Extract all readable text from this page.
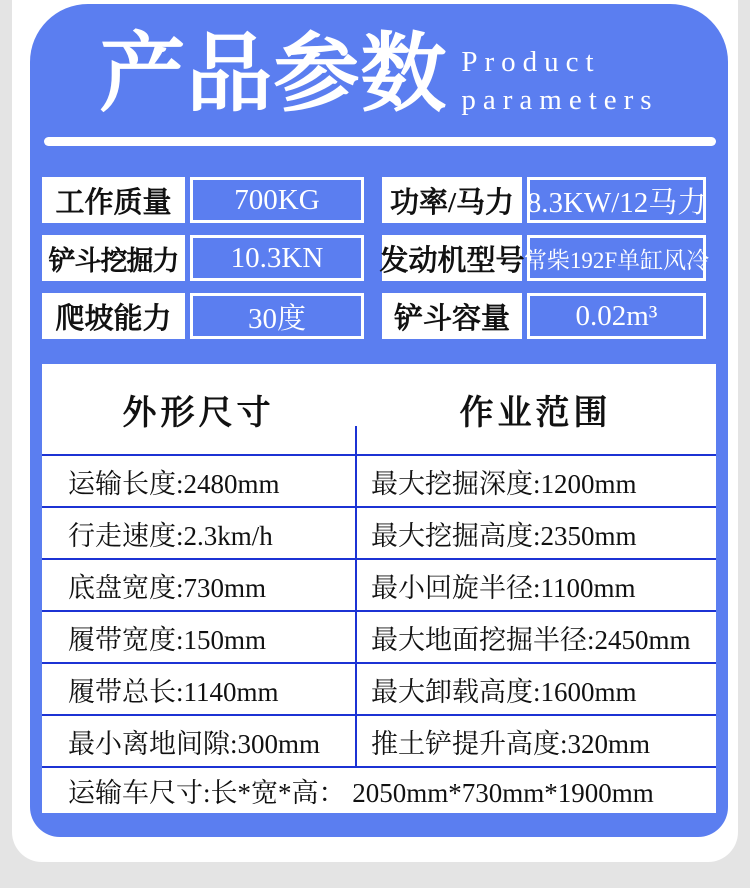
产品参数 Product
parameters
工作质量	700KG	功率/马力 8.3KW/12马力
铲斗挖掘力	10.3KN	发动机型号 常柴192F单缸风冷
爬坡能力	30度	铲斗容量	0.02m³
外形尺寸	作业范围
运输长度:2480mm	最大挖掘深度:1200mm
行走速度:2.3km/h	最大挖掘高度:2350mm
底盘宽度:730mm	最小回旋半径:1100mm
履带宽度:150mm	最大地面挖掘半径:2450mm
履带总长:1140mm	最大卸载高度:1600mm
最小离地间隙:300mm	推土铲提升高度:320mm
运输车尺寸:长*宽*高： 2050mm*730mm*1900mm
